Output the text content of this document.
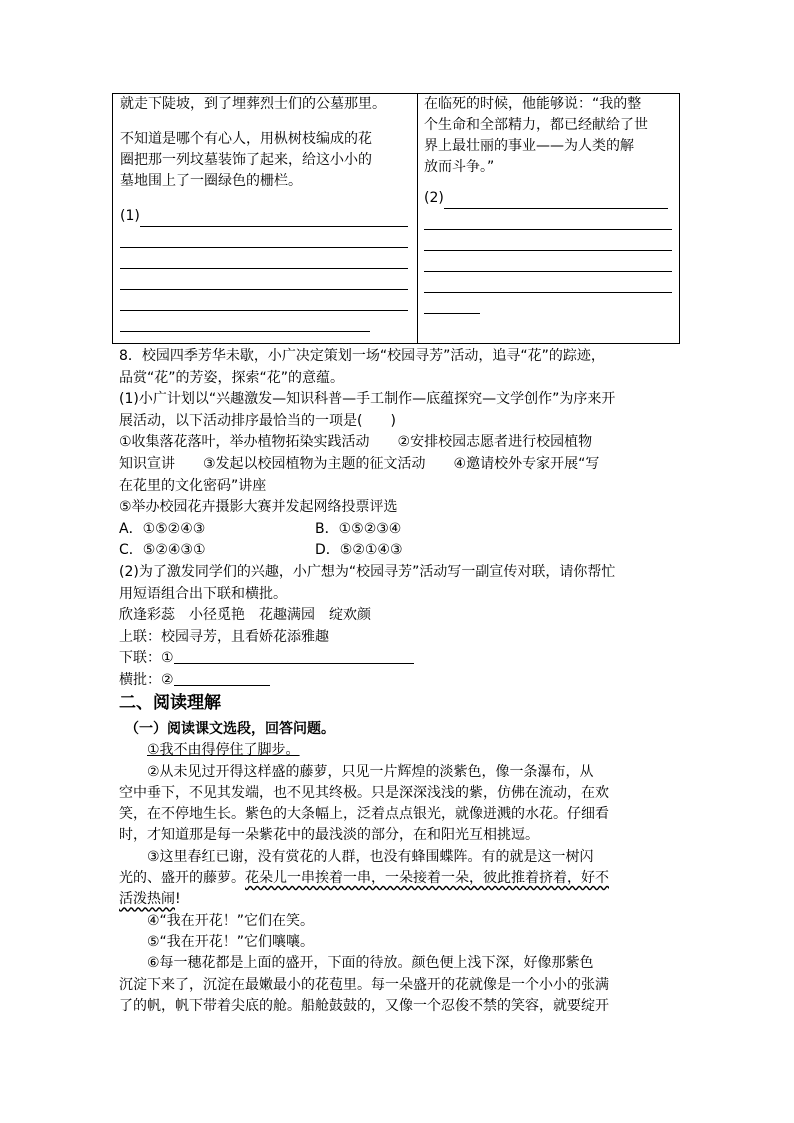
就走下陡坡，到了埋葬烈士们的公墓那里。

不知道是哪个有心人，用枞树枝编成的花

圈把那一列坟墓装饰了起来，给这小小的

墓地围上了一圈绿色的栅栏。

(1)

在临死的时候，他能够说：“我的整

个生命和全部精力，都已经献给了世

界上最壮丽的事业——为人类的解

放而斗争。”

(2)
8．校园四季芳华未歇，小广决定策划一场“校园寻芳”活动，追寻“花”的踪迹，
品赏“花”的芳姿，探索“花”的意蕴。
(1)小广计划以“兴趣激发—知识科普—手工制作—底蕴探究—文学创作”为序来开
展活动，以下活动排序最恰当的一项是(　　)
①收集落花落叶，举办植物拓染实践活动　　②安排校园志愿者进行校园植物
知识宣讲　　③发起以校园植物为主题的征文活动　　④邀请校外专家开展“写
在花里的文化密码”讲座
⑤举办校园花卉摄影大赛并发起网络投票评选
A．①⑤②④③	B．①⑤②③④
C．⑤②④③①	D．⑤②①④③
(2)为了激发同学们的兴趣，小广想为“校园寻芳”活动写一副宣传对联，请你帮忙
用短语组合出下联和横批。
欣逢彩蕊　小径觅艳　花趣满园　绽欢颜
上联：校园寻芳，且看娇花添雅趣
下联：①
横批：②
二、阅读理解
（一）阅读课文选段，回答问题。
①我不由得停住了脚步。
②从未见过开得这样盛的藤萝，只见一片辉煌的淡紫色，像一条瀑布，从
空中垂下，不见其发端，也不见其终极。只是深深浅浅的紫，仿佛在流动，在欢
笑，在不停地生长。紫色的大条幅上，泛着点点银光，就像迸溅的水花。仔细看
时，才知道那是每一朵紫花中的最浅淡的部分，在和阳光互相挑逗。
③这里春红已谢，没有赏花的人群，也没有蜂围蝶阵。有的就是这一树闪
光的、盛开的藤萝。花朵儿一串挨着一串，一朵接着一朵，彼此推着挤着，好不
活泼热闹!
④“我在开花！”它们在笑。
⑤“我在开花！”它们嚷嚷。
⑥每一穗花都是上面的盛开，下面的待放。颜色便上浅下深，好像那紫色
沉淀下来了，沉淀在最嫩最小的花苞里。每一朵盛开的花就像是一个小小的张满
了的帆，帆下带着尖底的舱。船舱鼓鼓的，又像一个忍俊不禁的笑容，就要绽开
